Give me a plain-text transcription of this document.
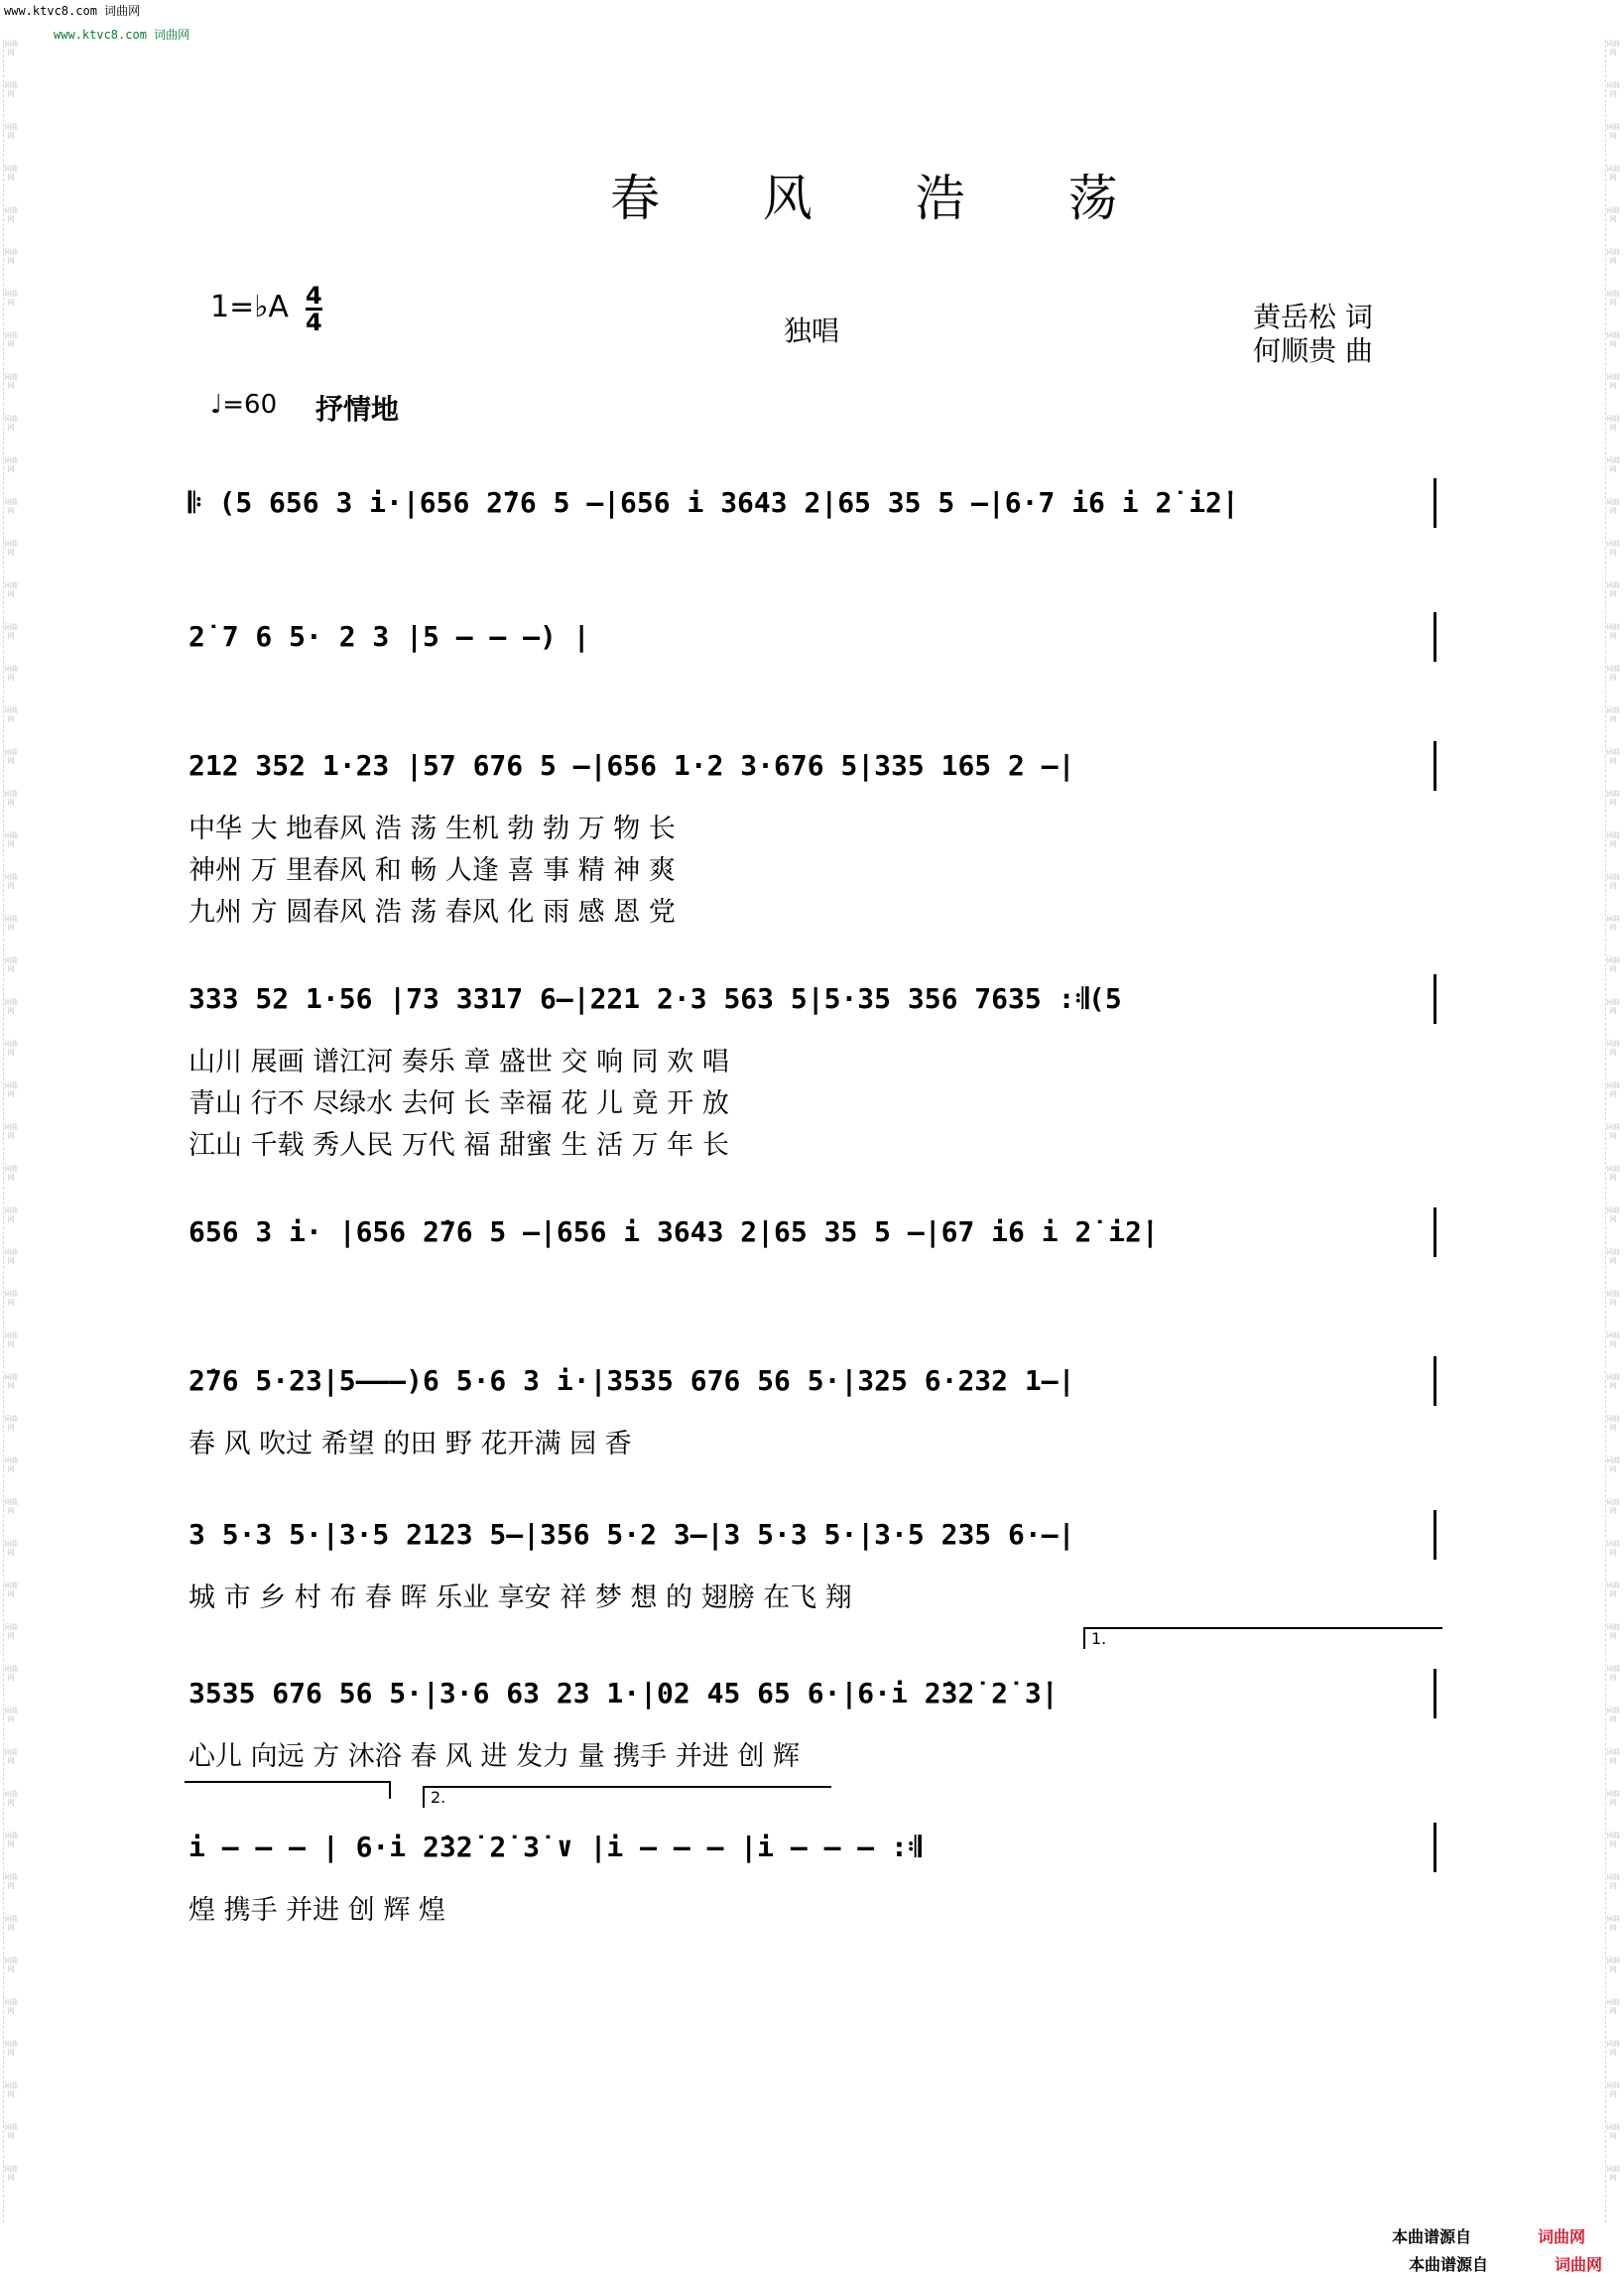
www.ktvc8.com 词曲网
www.ktvc8.com 词曲网
词曲网
词曲网
词曲网
词曲网
词曲网
词曲网
词曲网
词曲网
词曲网
词曲网
词曲网
词曲网
词曲网
词曲网
词曲网
词曲网
词曲网
词曲网
词曲网
词曲网
词曲网
词曲网
词曲网
词曲网
词曲网
词曲网
词曲网
词曲网
词曲网
词曲网
词曲网
词曲网
词曲网
词曲网
词曲网
词曲网
词曲网
词曲网
词曲网
词曲网
词曲网
词曲网
词曲网
词曲网
词曲网
词曲网
词曲网
词曲网
词曲网
词曲网
词曲网
词曲网
词曲网
词曲网
词曲网
词曲网
词曲网
词曲网
词曲网
词曲网
词曲网
词曲网
词曲网
词曲网
词曲网
词曲网
词曲网
词曲网
词曲网
词曲网
词曲网
词曲网
词曲网
词曲网
词曲网
词曲网
词曲网
词曲网
词曲网
词曲网
词曲网
词曲网
词曲网
词曲网
词曲网
词曲网
词曲网
词曲网
词曲网
词曲网
词曲网
词曲网
词曲网
词曲网
词曲网
词曲网
词曲网
词曲网
词曲网
词曲网
词曲网
词曲网
词曲网
词曲网
春 风 浩 荡
1=♭A 4
4	独唱	黄岳松 词
何顺贵 曲
♩=60 抒情地
𝄆 (5 656 3 i·|656 2̇76 5 –|656 i 3643 2|65 35 5 –|6·7 i6 i 2̇ i2̇|
2̇ 7 6 5· 2 3 |5 – – –) |
212 352 1·23 |57 676 5 –|656 1·2 3·676 5|335 165 2 –|
中华 大 地春风 浩 荡 生机 勃 勃 万 物 长
神州 万 里春风 和 畅 人逢 喜 事 精 神 爽
九州 方 圆春风 浩 荡 春风 化 雨 感 恩 党
333 52 1·56 |73 3317 6–|221 2·3 563 5|5·35 356 7635 :𝄇(5
山川 展画 谱江河 奏乐 章 盛世 交 响 同 欢 唱
青山 行不 尽绿水 去何 长 幸福 花 儿 竟 开 放
江山 千载 秀人民 万代 福 甜蜜 生 活 万 年 长
656 3 i· |656 2̇76 5 –|656 i 3643 2|65 35 5 –|67 i6 i 2̇ i2̇|
2̇76 5·23|5–––)6 5·6 3 i·|3535 676 56 5·|325 6·232 1–|
春 风 吹过 希望 的田 野 花开满 园 香
3 5·3 5·|3·5 2123 5–|356 5·2 3–|3 5·3 5·|3·5 235 6·–|
城 市 乡 村 布 春 晖 乐业 享安 祥 梦 想 的 翅膀 在飞 翔
3535 676 56 5·|3·6 63 23 1·|02 45 65 6·|6·i 2̇32̇ 2̇ 3̇|
心儿 向远 方 沐浴 春 风 进 发力 量 携手 并进 创 辉
i – – – | 6·i 2̇32̇ 2̇ 3̇ ∨ |i – – – |i – – – :𝄇
煌 携手 并进 创 辉 煌
1.
2.
本曲谱源自	词曲网
本曲谱源自	词曲网
